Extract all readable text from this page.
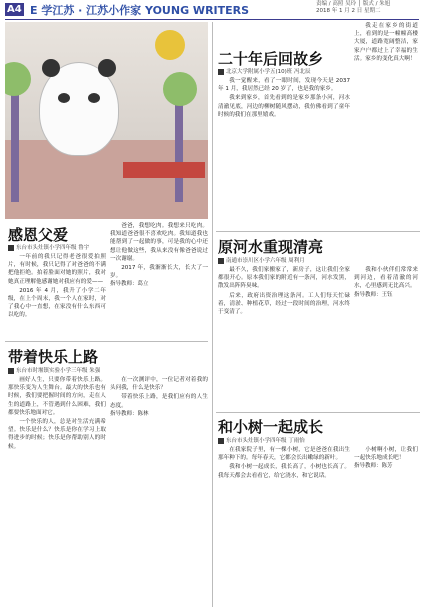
A4 E 学江苏 · 江苏小作家 YOUNG WRITERS	责编 / 高照 吴玲 │ 版式 / 朱旭
2018 年 1 月 2 日 星期二
感恩父爱
东台市头灶镇小学四年级 鲁宇

一年前的我只记得老爸很爱拍照片，有时候，我只记得了对爸爸的不满把他拒绝。拍着脸面对她的照片，我对她真正理解他感谢她对我应有的爱——

2016 年 4 月，我升了小学二年级，在上个周末，我一个人在家时，对了我心中一直想，在家没有什么东西可以吃的。

爸爸，我想吃肉。我想来只吃肉。我知道爸爸很不喜欢吃肉。我知道我也能帮到了一起做的事，可是我的心中还想让他做这些，我从来没有像爸爸说过一次谢谢。

2017 年，我渐渐长大，长大了一岁。

指导教师：葛立
带着快乐上路
东台市时堰镇实验小学三年级 朱强

画好人生，只要你带着快乐上路。那快乐变为人生舞台。最大的快乐也有时候，我们要把握时间的方向，走在人生的道路上，不管遇到什么困难，我们都要快乐地面对它。

一个快乐的人，总是对生活充满希望。快乐是什么？快乐是你在学习上取得进步的时候；快乐是你帮助别人的时候。

在一次测评中，一位记者对着我的头问我，什么是快乐？

带着快乐上路，是我们应有的人生态度。

指导教师：陈林
二十年后回故乡
北京大学附属小学五(10)班 冯北辰

我一觉醒来，看了一眼时间，发现今天是 2037 年 1 月，我居然已经 20 岁了，也是我的家乡。

我来到家乡，首先看到的是家乡那条小河，河水清澈见底，河边的柳树随风摆动，我仿佛看到了童年时候的我们在那里嬉戏。

我走在家乡的街道上，看到的是一幢幢高楼大厦，道路宽阔整洁，家家户户都过上了幸福的生活。家乡的变化真大啊！

原河水重现清亮
南通市崇川区小学六年级 周利月

最不久，我们家搬家了，新房子，这让我们全家都很开心。原本我们家的附近有一条河，河水发黑，散发出阵阵臭味。

后来，政府出资治理这条河。工人们每天忙碌着，清淤、种植花草，经过一段时间的治理，河水终于变清了。

我和小伙伴们常常来到河边，看着清澈的河水，心里感到无比高兴。

指导教师：王钰
和小树一起成长
东台市头灶镇小学四年级 丁雨怡

在我家院子里，有一棵小树，它是爸爸在我出生那年种下的。每年春天，它都会长出嫩绿的新叶。

我和小树一起成长，我长高了，小树也长高了。我每天都会去看看它，给它浇水，和它说话。

小树啊小树，让我们一起快乐地成长吧！

指导教师：陈芳
